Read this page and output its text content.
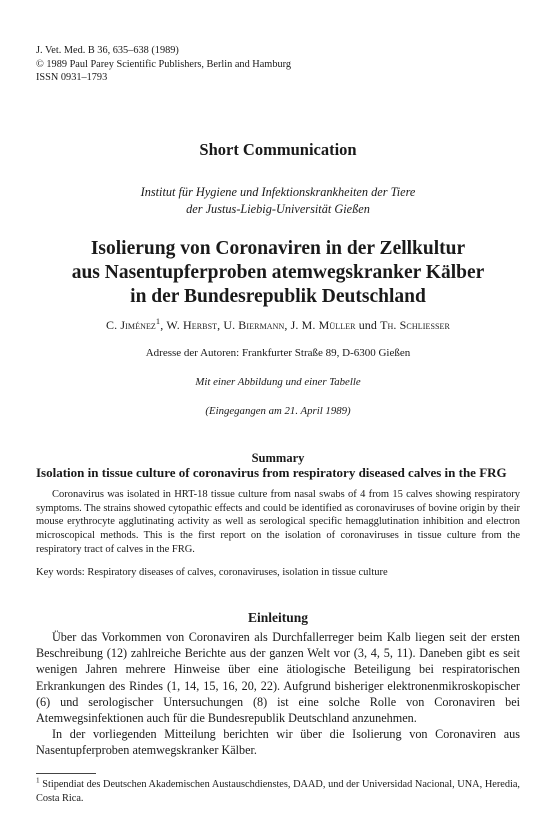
J. Vet. Med. B 36, 635–638 (1989)
© 1989 Paul Parey Scientific Publishers, Berlin and Hamburg
ISSN 0931–1793
Short Communication
Institut für Hygiene und Infektionskrankheiten der Tiere
der Justus-Liebig-Universität Gießen
Isolierung von Coronaviren in der Zellkultur
aus Nasentupferproben atemwegskranker Kälber
in der Bundesrepublik Deutschland
C. Jiménez$^1$, W. Herbst, U. Biermann, J. M. Müller und Th. Schliesser
Adresse der Autoren: Frankfurter Straße 89, D-6300 Gießen
Mit einer Abbildung und einer Tabelle
(Eingegangen am 21. April 1989)
Summary
Isolation in tissue culture of coronavirus from respiratory diseased calves in the FRG
Coronavirus was isolated in HRT-18 tissue culture from nasal swabs of 4 from 15 calves showing respiratory symptoms. The strains showed cytopathic effects and could be identified as coronaviruses of bovine origin by their mouse erythrocyte agglutinating activity as well as serological specific hemagglutination inhibition and electron microscopical methods. This is the first report on the isolation of coronaviruses in tissue culture from the respiratory tract of calves in the FRG.
Key words: Respiratory diseases of calves, coronaviruses, isolation in tissue culture
Einleitung

Über das Vorkommen von Coronaviren als Durchfallerreger beim Kalb liegen seit der ersten Beschreibung (12) zahlreiche Berichte aus der ganzen Welt vor (3, 4, 5, 11). Daneben gibt es seit wenigen Jahren mehrere Hinweise über eine ätiologische Beteiligung bei respiratorischen Erkrankungen des Rindes (1, 14, 15, 16, 20, 22). Aufgrund bisheriger elektronenmikroskopischer (6) und serologischer Untersuchungen (8) ist eine solche Rolle von Coronaviren bei Atemwegsinfektionen auch für die Bundesrepublik Deutschland anzunehmen.

In der vorliegenden Mitteilung berichten wir über die Isolierung von Coronaviren aus Nasentupferproben atemwegskranker Kälber.

$^1$ Stipendiat des Deutschen Akademischen Austauschdienstes, DAAD, und der Universidad Nacional, UNA, Heredia, Costa Rica.
